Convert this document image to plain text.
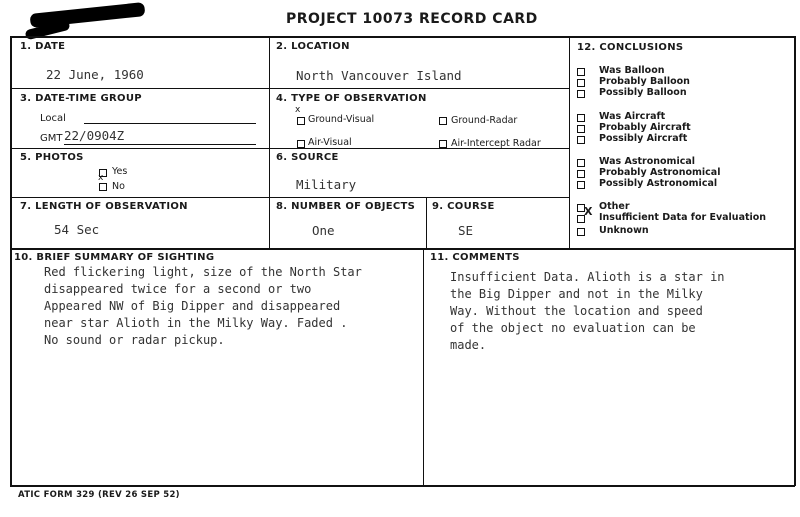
PROJECT 10073 RECORD CARD
1. DATE
22 June, 1960
2. LOCATION
North Vancouver Island
3. DATE-TIME GROUP
Local
GMT 22/0904Z
4. TYPE OF OBSERVATION
x
Ground-Visual	Ground-Radar
Air-Visual	Air-Intercept Radar
5. PHOTOS
Yes
x
No
6. SOURCE
Military
7. LENGTH OF OBSERVATION
54 Sec
8. NUMBER OF OBJECTS
One
9. COURSE
SE
12. CONCLUSIONS
Was Balloon
Probably Balloon
Possibly Balloon
Was Aircraft
Probably Aircraft
Possibly Aircraft
Was Astronomical
Probably Astronomical
Possibly Astronomical
Other
Insufficient Data for Evaluation
Unknown
X
10. BRIEF SUMMARY OF SIGHTING
Red flickering light, size of the North Star
disappeared twice for a second or two
Appeared NW of Big Dipper and disappeared
near star Alioth in the Milky Way. Faded .
No sound or radar pickup.
11. COMMENTS
Insufficient Data. Alioth is a star in
the Big Dipper and not in the Milky
Way. Without the location and speed
of the object no evaluation can be
made.
ATIC FORM 329 (REV 26 SEP 52)
